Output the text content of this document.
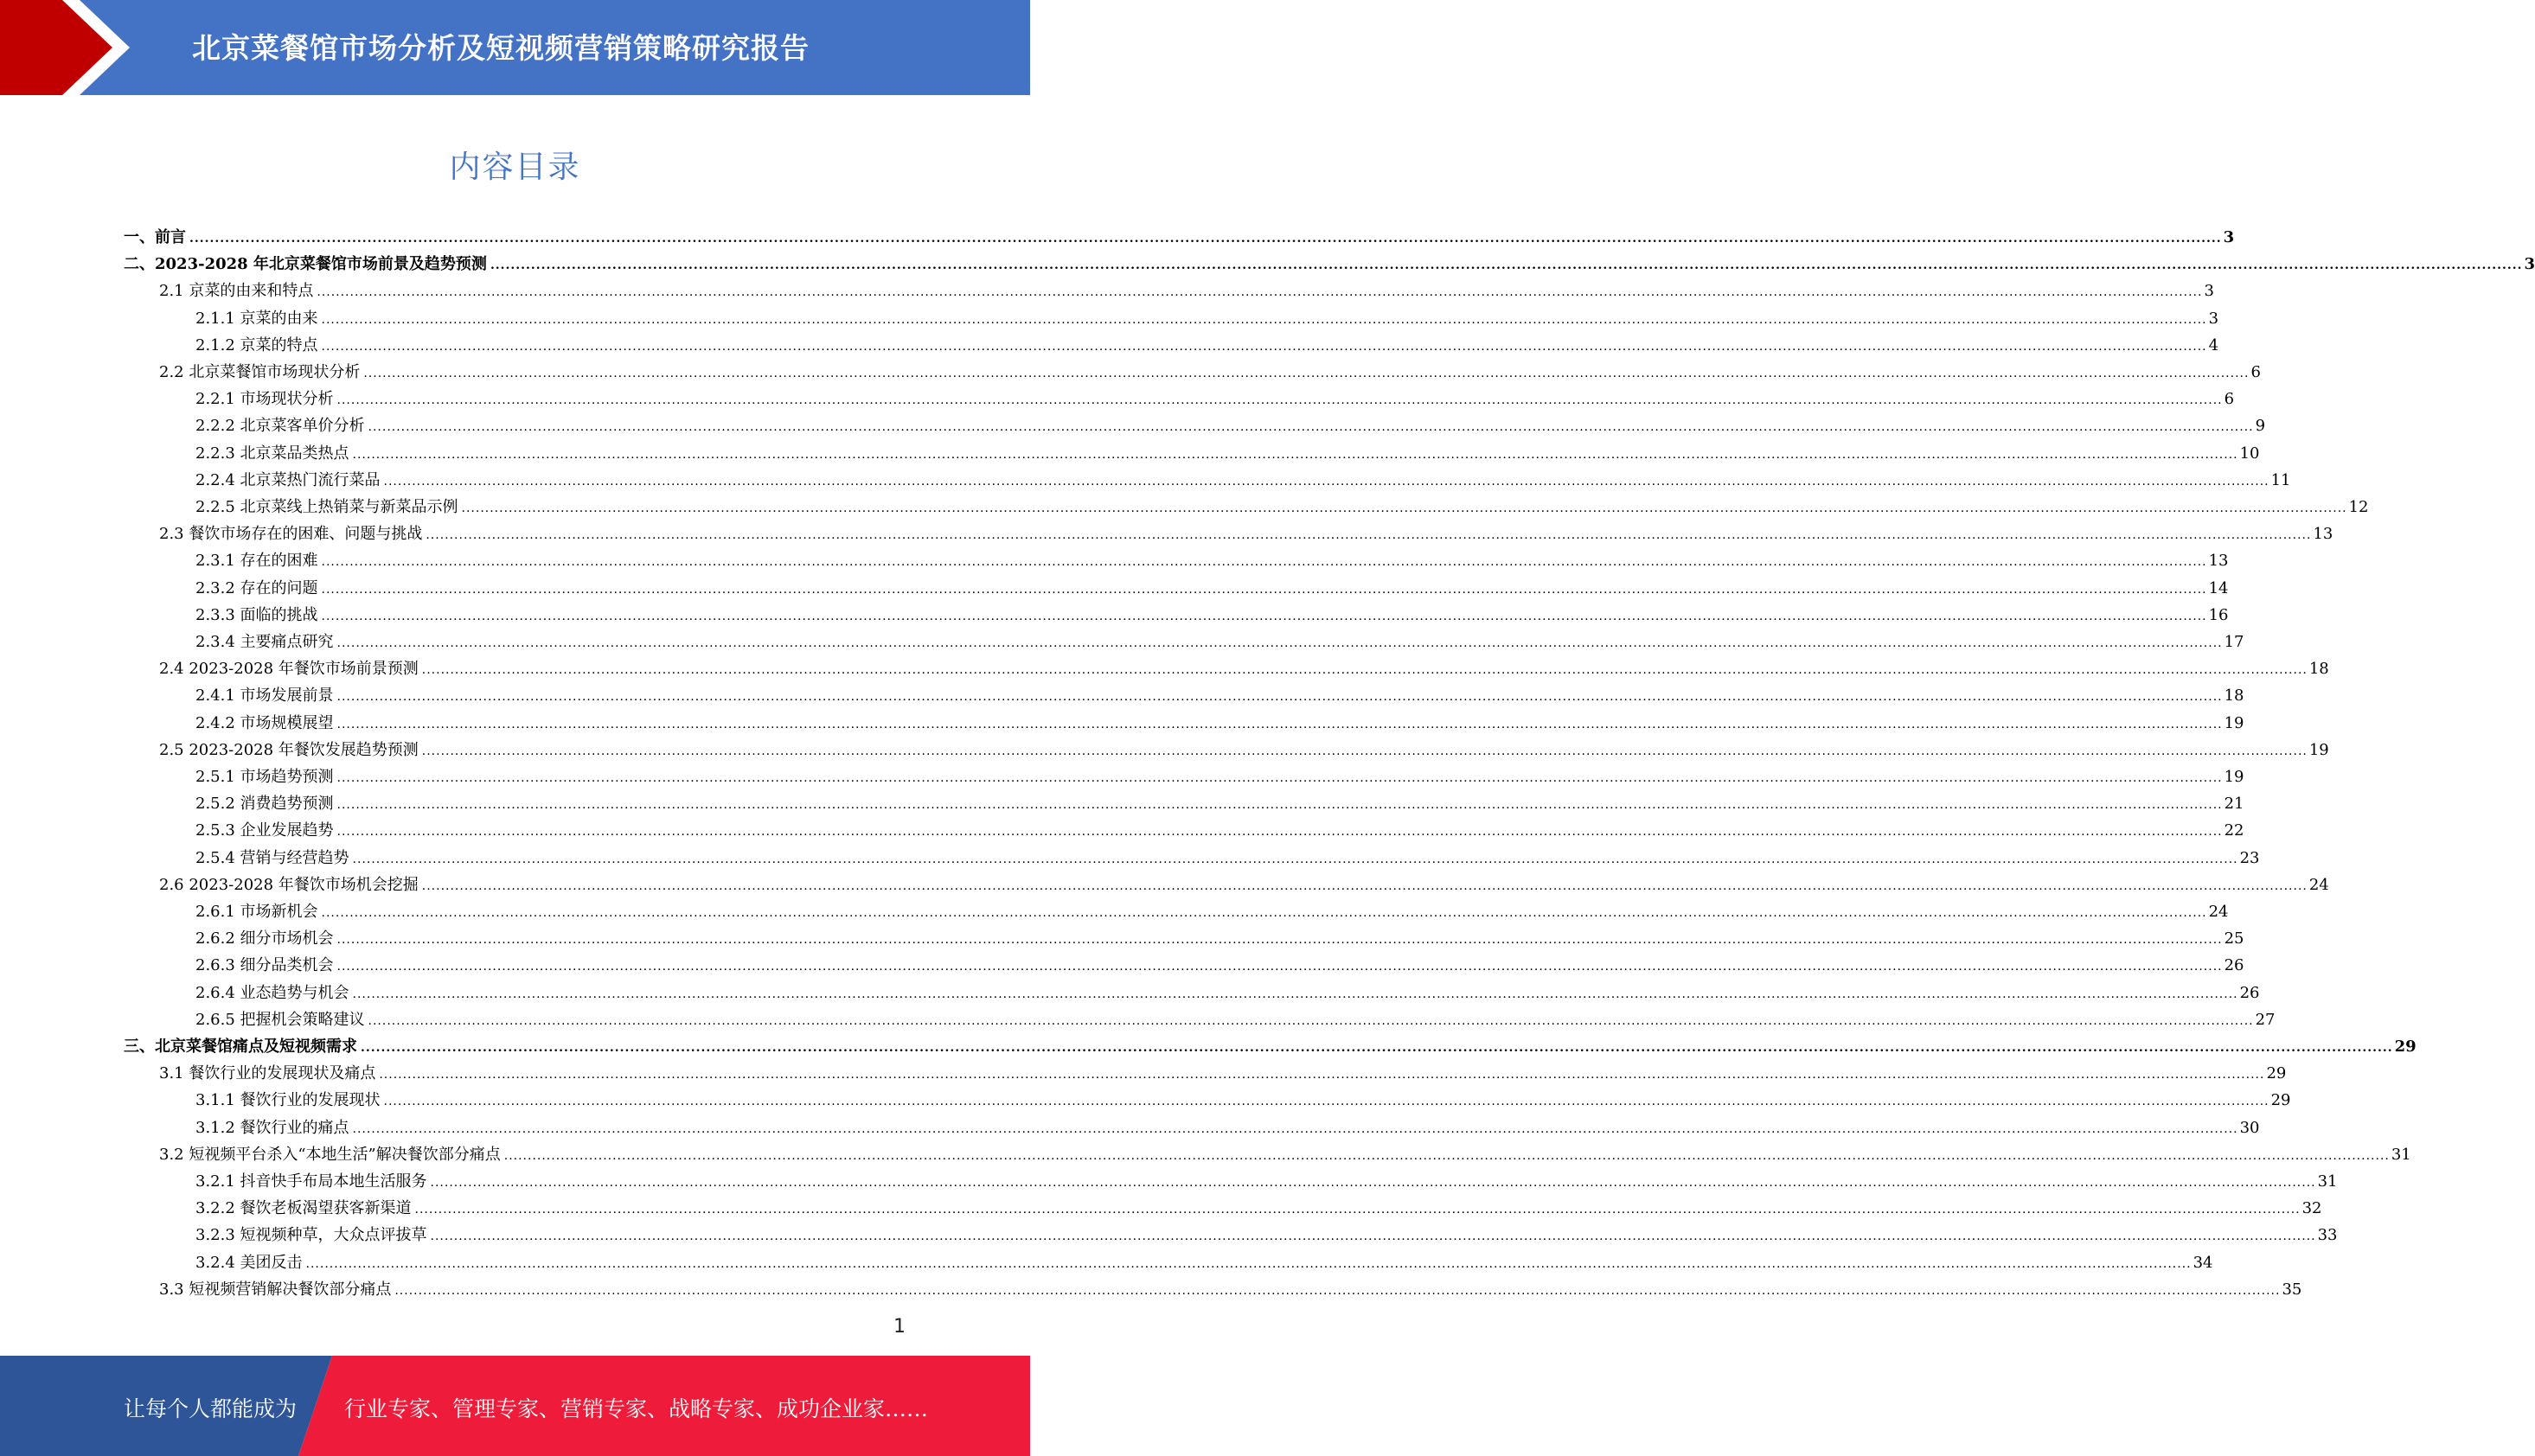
北京菜餐馆市场分析及短视频营销策略研究报告
内容目录
一、前言 ................................................................................................................................................................................................................................................................................................................................................................................................................ 3
二、2023-2028 年北京菜餐馆市场前景及趋势预测 ................................................................................................................................................................................................................................................................................................................................................................................................................ 3
2.1 京菜的由来和特点 ................................................................................................................................................................................................................................................................................................................................................................................................................ 3
2.1.1 京菜的由来 ................................................................................................................................................................................................................................................................................................................................................................................................................ 3
2.1.2 京菜的特点 ................................................................................................................................................................................................................................................................................................................................................................................................................ 4
2.2 北京菜餐馆市场现状分析 ................................................................................................................................................................................................................................................................................................................................................................................................................ 6
2.2.1 市场现状分析 ................................................................................................................................................................................................................................................................................................................................................................................................................ 6
2.2.2 北京菜客单价分析 ................................................................................................................................................................................................................................................................................................................................................................................................................ 9
2.2.3 北京菜品类热点 ................................................................................................................................................................................................................................................................................................................................................................................................................ 10
2.2.4 北京菜热门流行菜品 ................................................................................................................................................................................................................................................................................................................................................................................................................ 11
2.2.5 北京菜线上热销菜与新菜品示例 ................................................................................................................................................................................................................................................................................................................................................................................................................ 12
2.3 餐饮市场存在的困难、问题与挑战 ................................................................................................................................................................................................................................................................................................................................................................................................................ 13
2.3.1 存在的困难 ................................................................................................................................................................................................................................................................................................................................................................................................................ 13
2.3.2 存在的问题 ................................................................................................................................................................................................................................................................................................................................................................................................................ 14
2.3.3 面临的挑战 ................................................................................................................................................................................................................................................................................................................................................................................................................ 16
2.3.4 主要痛点研究 ................................................................................................................................................................................................................................................................................................................................................................................................................ 17
2.4 2023-2028 年餐饮市场前景预测 ................................................................................................................................................................................................................................................................................................................................................................................................................ 18
2.4.1 市场发展前景 ................................................................................................................................................................................................................................................................................................................................................................................................................ 18
2.4.2 市场规模展望 ................................................................................................................................................................................................................................................................................................................................................................................................................ 19
2.5 2023-2028 年餐饮发展趋势预测 ................................................................................................................................................................................................................................................................................................................................................................................................................ 19
2.5.1 市场趋势预测 ................................................................................................................................................................................................................................................................................................................................................................................................................ 19
2.5.2 消费趋势预测 ................................................................................................................................................................................................................................................................................................................................................................................................................ 21
2.5.3 企业发展趋势 ................................................................................................................................................................................................................................................................................................................................................................................................................ 22
2.5.4 营销与经营趋势 ................................................................................................................................................................................................................................................................................................................................................................................................................ 23
2.6 2023-2028 年餐饮市场机会挖掘 ................................................................................................................................................................................................................................................................................................................................................................................................................ 24
2.6.1 市场新机会 ................................................................................................................................................................................................................................................................................................................................................................................................................ 24
2.6.2 细分市场机会 ................................................................................................................................................................................................................................................................................................................................................................................................................ 25
2.6.3 细分品类机会 ................................................................................................................................................................................................................................................................................................................................................................................................................ 26
2.6.4 业态趋势与机会 ................................................................................................................................................................................................................................................................................................................................................................................................................ 26
2.6.5 把握机会策略建议 ................................................................................................................................................................................................................................................................................................................................................................................................................ 27
三、北京菜餐馆痛点及短视频需求 ................................................................................................................................................................................................................................................................................................................................................................................................................ 29
3.1 餐饮行业的发展现状及痛点 ................................................................................................................................................................................................................................................................................................................................................................................................................ 29
3.1.1 餐饮行业的发展现状 ................................................................................................................................................................................................................................................................................................................................................................................................................ 29
3.1.2 餐饮行业的痛点 ................................................................................................................................................................................................................................................................................................................................................................................................................ 30
3.2 短视频平台杀入“本地生活”解决餐饮部分痛点 ................................................................................................................................................................................................................................................................................................................................................................................................................ 31
3.2.1 抖音快手布局本地生活服务 ................................................................................................................................................................................................................................................................................................................................................................................................................ 31
3.2.2 餐饮老板渴望获客新渠道 ................................................................................................................................................................................................................................................................................................................................................................................................................ 32
3.2.3 短视频种草，大众点评拔草 ................................................................................................................................................................................................................................................................................................................................................................................................................ 33
3.2.4 美团反击 ................................................................................................................................................................................................................................................................................................................................................................................................................ 34
3.3 短视频营销解决餐饮部分痛点 ................................................................................................................................................................................................................................................................................................................................................................................................................ 35
1
让每个人都能成为 行业专家、管理专家、营销专家、战略专家、成功企业家……
